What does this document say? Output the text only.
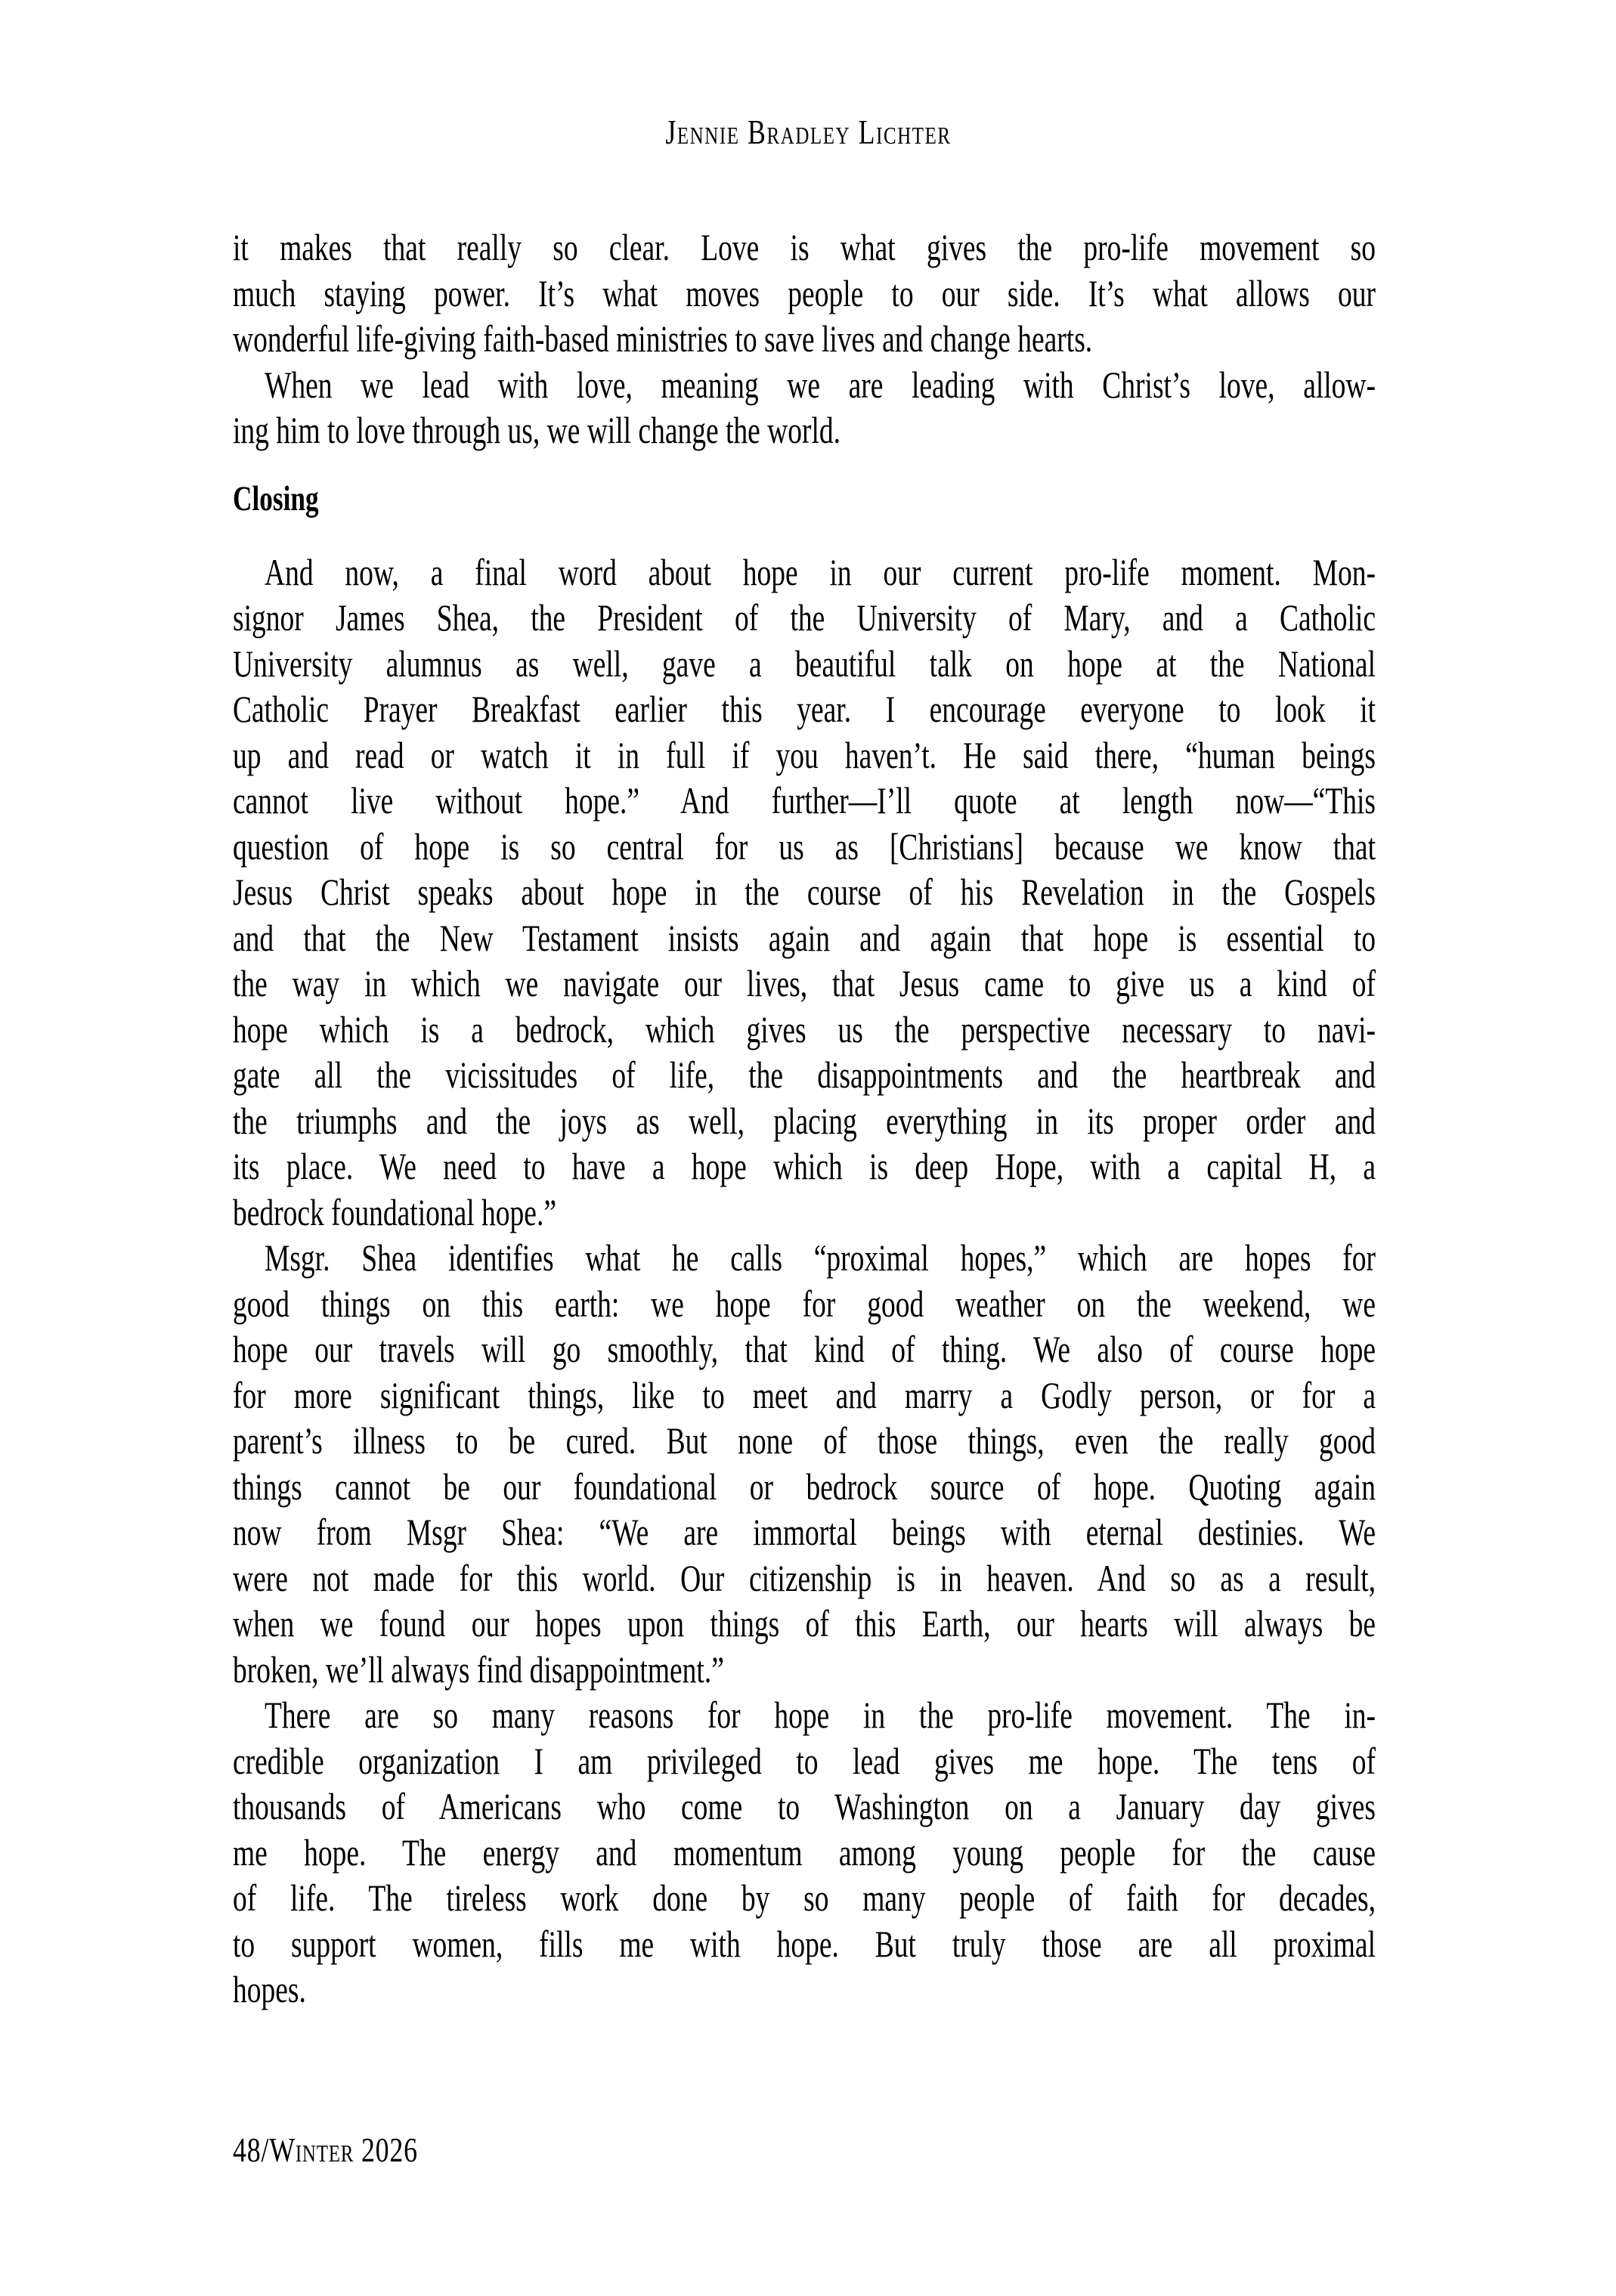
Jennie Bradley Lichter
it makes that really so clear. Love is what gives the pro-life movement so
much staying power. It’s what moves people to our side. It’s what allows our
wonderful life-giving faith-based ministries to save lives and change hearts.
When we lead with love, meaning we are leading with Christ’s love, allow-
ing him to love through us, we will change the world.
Closing
And now, a final word about hope in our current pro-life moment. Mon-
signor James Shea, the President of the University of Mary, and a Catholic
University alumnus as well, gave a beautiful talk on hope at the National
Catholic Prayer Breakfast earlier this year. I encourage everyone to look it
up and read or watch it in full if you haven’t. He said there, “human beings
cannot live without hope.” And further—I’ll quote at length now—“This
question of hope is so central for us as [Christians] because we know that
Jesus Christ speaks about hope in the course of his Revelation in the Gospels
and that the New Testament insists again and again that hope is essential to
the way in which we navigate our lives, that Jesus came to give us a kind of
hope which is a bedrock, which gives us the perspective necessary to navi-
gate all the vicissitudes of life, the disappointments and the heartbreak and
the triumphs and the joys as well, placing everything in its proper order and
its place. We need to have a hope which is deep Hope, with a capital H, a
bedrock foundational hope.”
Msgr. Shea identifies what he calls “proximal hopes,” which are hopes for
good things on this earth: we hope for good weather on the weekend, we
hope our travels will go smoothly, that kind of thing. We also of course hope
for more significant things, like to meet and marry a Godly person, or for a
parent’s illness to be cured. But none of those things, even the really good
things cannot be our foundational or bedrock source of hope. Quoting again
now from Msgr Shea: “We are immortal beings with eternal destinies. We
were not made for this world. Our citizenship is in heaven. And so as a result,
when we found our hopes upon things of this Earth, our hearts will always be
broken, we’ll always find disappointment.”
There are so many reasons for hope in the pro-life movement. The in-
credible organization I am privileged to lead gives me hope. The tens of
thousands of Americans who come to Washington on a January day gives
me hope. The energy and momentum among young people for the cause
of life. The tireless work done by so many people of faith for decades,
to support women, fills me with hope. But truly those are all proximal
hopes.
48/Winter 2026
